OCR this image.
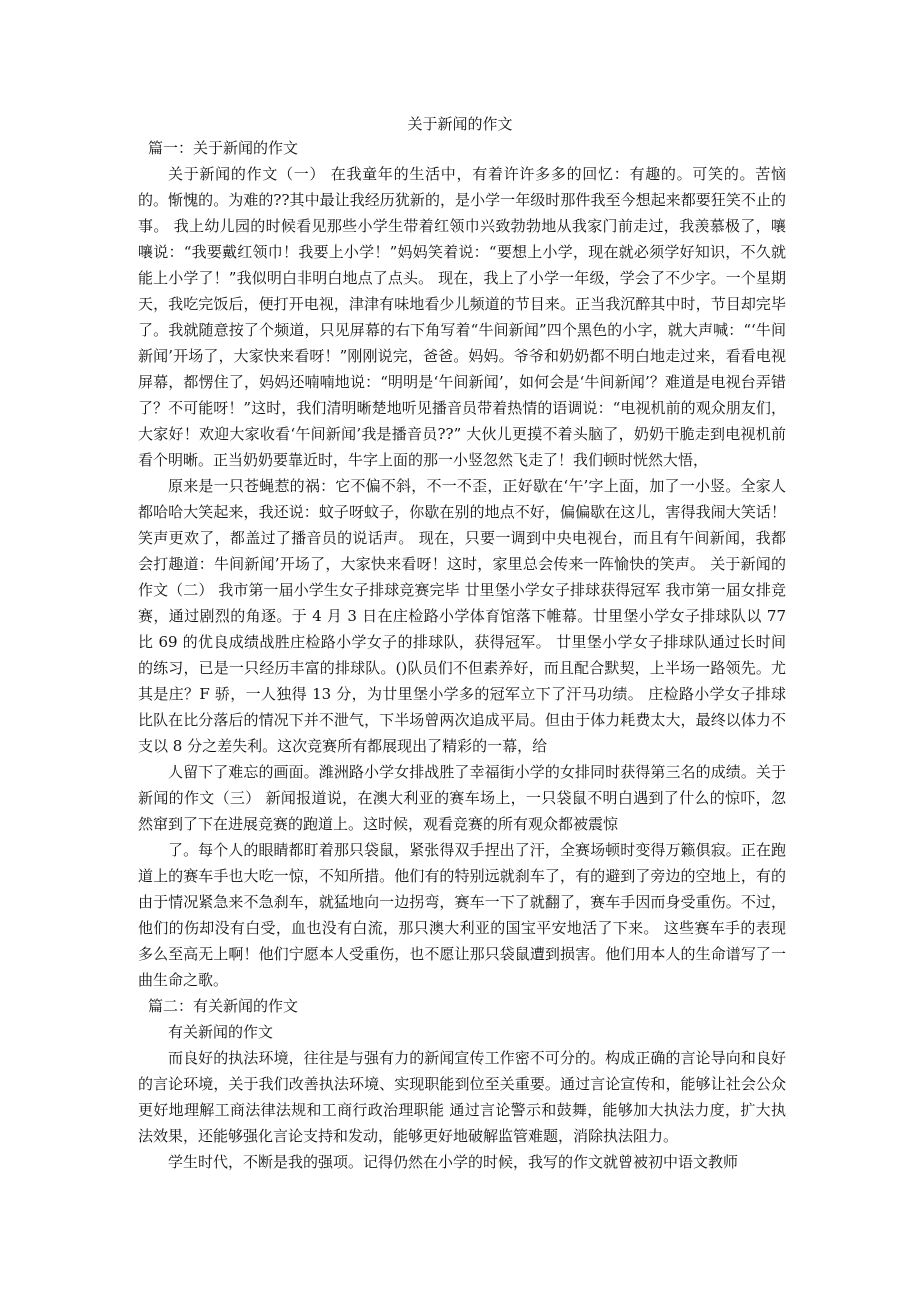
关于新闻的作文

篇一：关于新闻的作文

关于新闻的作文（一） 在我童年的生活中，有着许许多多的回忆：有趣的。可笑的。苦恼的。惭愧的。为难的??其中最让我经历犹新的，是小学一年级时那件我至今想起来都要狂笑不止的事。 我上幼儿园的时候看见那些小学生带着红领巾兴致勃勃地从我家门前走过，我羡慕极了，嚷嚷说：“我要戴红领巾！我要上小学！”妈妈笑着说：“要想上小学，现在就必须学好知识，不久就能上小学了！”我似明白非明白地点了点头。 现在，我上了小学一年级，学会了不少字。一个星期天，我吃完饭后，便打开电视，津津有味地看少儿频道的节目来。正当我沉醉其中时，节目却完毕了。我就随意按了个频道，只见屏幕的右下角写着“牛间新闻”四个黑色的小字，就大声喊：“‘牛间新闻’开场了，大家快来看呀！”刚刚说完，爸爸。妈妈。爷爷和奶奶都不明白地走过来，看看电视屏幕，都愣住了，妈妈还喃喃地说：“明明是‘午间新闻’，如何会是‘牛间新闻’？难道是电视台弄错了？不可能呀！”这时，我们清明晰楚地听见播音员带着热情的语调说：“电视机前的观众朋友们，大家好！欢迎大家收看‘午间新闻’我是播音员??” 大伙儿更摸不着头脑了，奶奶干脆走到电视机前看个明晰。正当奶奶要靠近时，牛字上面的那一小竖忽然飞走了！我们顿时恍然大悟，

原来是一只苍蝇惹的祸：它不偏不斜，不一不歪，正好歇在‘午’字上面，加了一小竖。全家人都哈哈大笑起来，我还说：蚊子呀蚊子，你歇在别的地点不好，偏偏歇在这儿，害得我闹大笑话！笑声更欢了，都盖过了播音员的说话声。 现在，只要一调到中央电视台，而且有午间新闻，我都会打趣道：牛间新闻’开场了，大家快来看呀！这时，家里总会传来一阵愉快的笑声。 关于新闻的作文（二） 我市第一届小学生女子排球竞赛完毕 廿里堡小学女子排球获得冠军 我市第一届女排竞赛，通过剧烈的角逐。于 4 月 3 日在庄检路小学体育馆落下帷幕。廿里堡小学女子排球队以 77 比 69 的优良成绩战胜庄检路小学女子的排球队，获得冠军。 廿里堡小学女子排球队通过长时间的练习，已是一只经历丰富的排球队。()队员们不但素养好，而且配合默契，上半场一路领先。尤其是庄？F 骄，一人独得 13 分，为廿里堡小学多的冠军立下了汗马功绩。 庄检路小学女子排球比队在比分落后的情况下并不泄气，下半场曾两次追成平局。但由于体力耗费太大，最终以体力不支以 8 分之差失利。这次竞赛所有都展现出了精彩的一幕，给

人留下了难忘的画面。潍洲路小学女排战胜了幸福街小学的女排同时获得第三名的成绩。关于新闻的作文（三） 新闻报道说，在澳大利亚的赛车场上，一只袋鼠不明白遇到了什么的惊吓，忽然窜到了下在进展竞赛的跑道上。这时候，观看竞赛的所有观众都被震惊

了。每个人的眼睛都盯着那只袋鼠，紧张得双手捏出了汗，全赛场顿时变得万籁俱寂。正在跑道上的赛车手也大吃一惊，不知所措。他们有的特别远就刹车了，有的避到了旁边的空地上，有的由于情况紧急来不急刹车，就猛地向一边拐弯，赛车一下了就翻了，赛车手因而身受重伤。不过，他们的伤却没有白受，血也没有白流，那只澳大利亚的国宝平安地活了下来。 这些赛车手的表现多么至高无上啊！他们宁愿本人受重伤，也不愿让那只袋鼠遭到损害。他们用本人的生命谱写了一曲生命之歌。

篇二：有关新闻的作文

有关新闻的作文

而良好的执法环境，往往是与强有力的新闻宣传工作密不可分的。构成正确的言论导向和良好的言论环境，关于我们改善执法环境、实现职能到位至关重要。通过言论宣传和，能够让社会公众更好地理解工商法律法规和工商行政治理职能 通过言论警示和鼓舞，能够加大执法力度，扩大执法效果，还能够强化言论支持和发动，能够更好地破解监管难题，消除执法阻力。

学生时代，不断是我的强项。记得仍然在小学的时候，我写的作文就曾被初中语文教师
